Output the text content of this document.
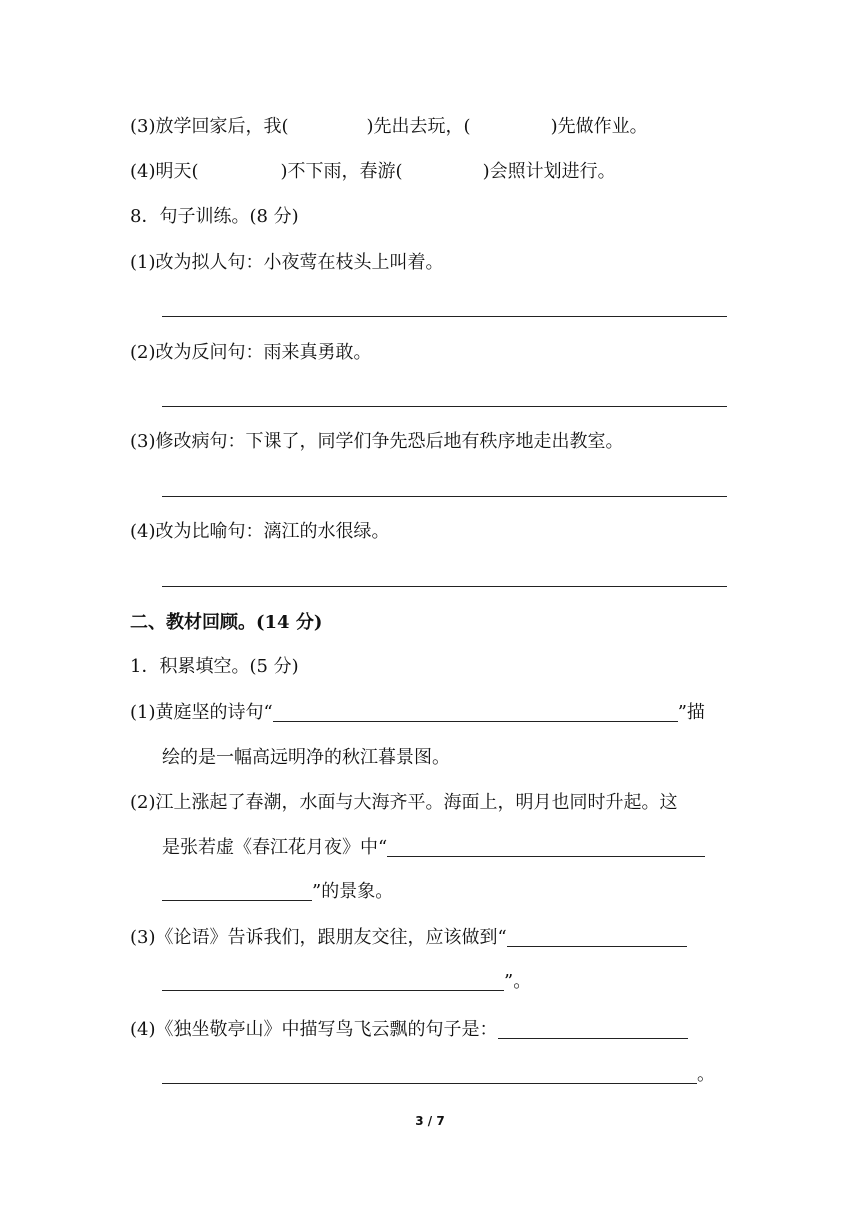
(3)放学回家后，我(	)先出去玩，(	)先做作业。
(4)明天(	)不下雨，春游(	)会照计划进行。
8．句子训练。(8 分)
(1)改为拟人句：小夜莺在枝头上叫着。
(2)改为反问句：雨来真勇敢。
(3)修改病句：下课了，同学们争先恐后地有秩序地走出教室。
(4)改为比喻句：漓江的水很绿。
二、教材回顾。(14 分)
1．积累填空。(5 分)
(1)黄庭坚的诗句“	”描
绘的是一幅高远明净的秋江暮景图。
(2)江上涨起了春潮，水面与大海齐平。海面上，明月也同时升起。这
是张若虚《春江花月夜》中“
”的景象。
(3)《论语》告诉我们，跟朋友交往，应该做到“
”。
(4)《独坐敬亭山》中描写鸟飞云飘的句子是：
。
3 / 7
